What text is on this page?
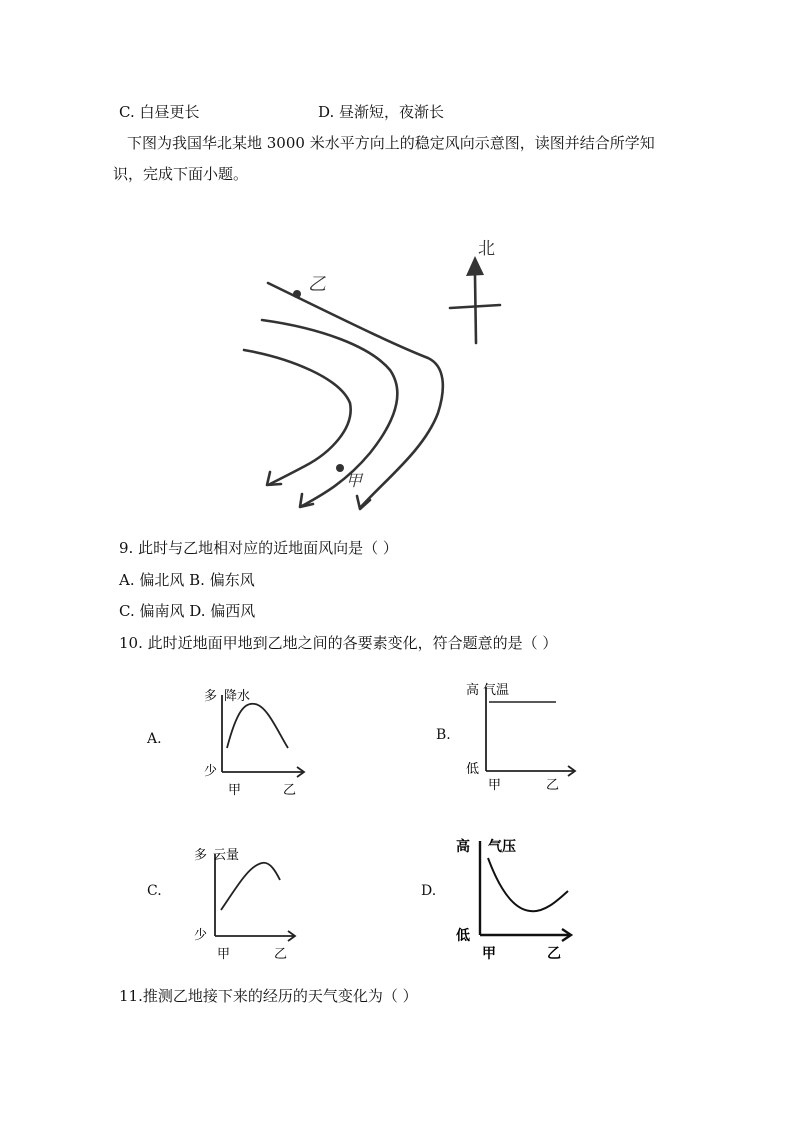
C. 白昼更长	D. 昼渐短，夜渐长
下图为我国华北某地 3000 米水平方向上的稳定风向示意图，读图并结合所学知
识，完成下面小题。
北
乙
甲
9. 此时与乙地相对应的近地面风向是（ ）
A. 偏北风 B. 偏东风
C. 偏南风 D. 偏西风
10. 此时近地面甲地到乙地之间的各要素变化，符合题意的是（ ）
A.
多 降水
少
甲	乙
B.
高 气温
低
甲	乙
C.
多 云量
少
甲	乙
D.
高 气压
低
甲	乙
11.推测乙地接下来的经历的天气变化为（ ）
